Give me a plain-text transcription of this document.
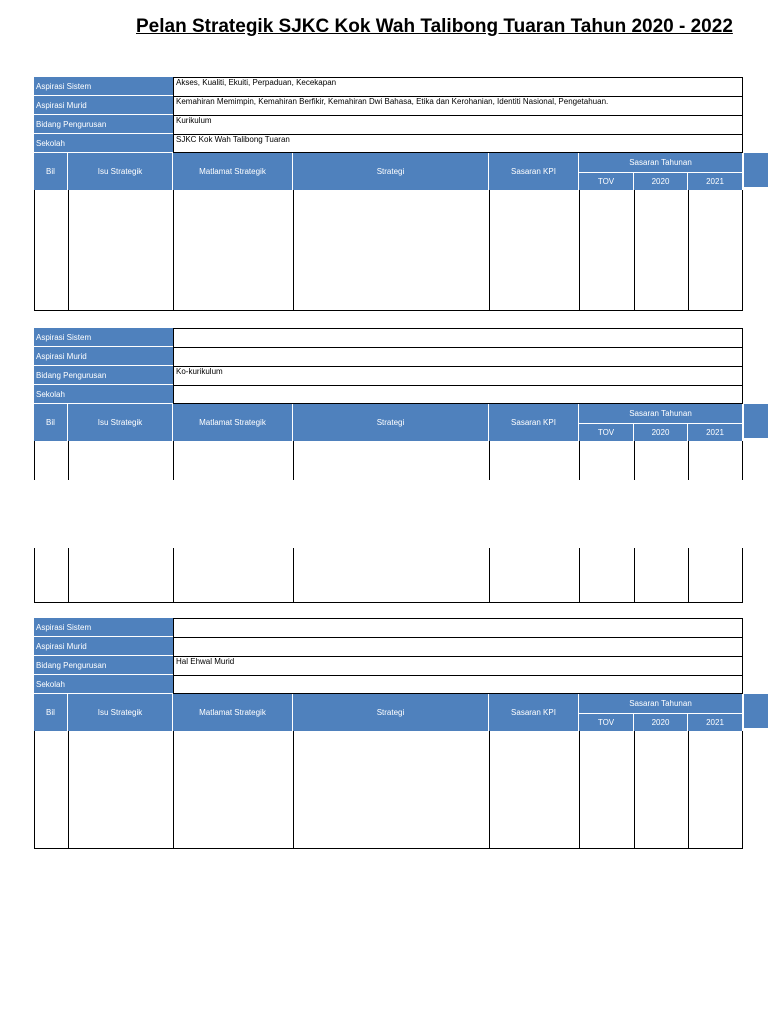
Pelan Strategik SJKC Kok Wah Talibong Tuaran Tahun 2020 - 2022
Aspirasi Sistem	Akses, Kualiti, Ekuiti, Perpaduan, Kecekapan
Aspirasi Murid	Kemahiran Memimpin, Kemahiran Berfikir, Kemahiran Dwi Bahasa, Etika dan Kerohanian, Identiti Nasional, Pengetahuan.
Bidang Pengurusan	Kurikulum
Sekolah	SJKC Kok Wah Talibong Tuaran
Bil	Isu Strategik	Matlamat Strategik	Strategi	Sasaran KPI
Sasaran Tahunan
TOV	2020	2021
Aspirasi Sistem
Aspirasi Murid
Bidang Pengurusan	Ko-kurikulum
Sekolah
Bil	Isu Strategik	Matlamat Strategik	Strategi	Sasaran KPI
Sasaran Tahunan
TOV	2020	2021
Aspirasi Sistem
Aspirasi Murid
Bidang Pengurusan	Hal Ehwal Murid
Sekolah
Bil	Isu Strategik	Matlamat Strategik	Strategi	Sasaran KPI
Sasaran Tahunan
TOV	2020	2021
